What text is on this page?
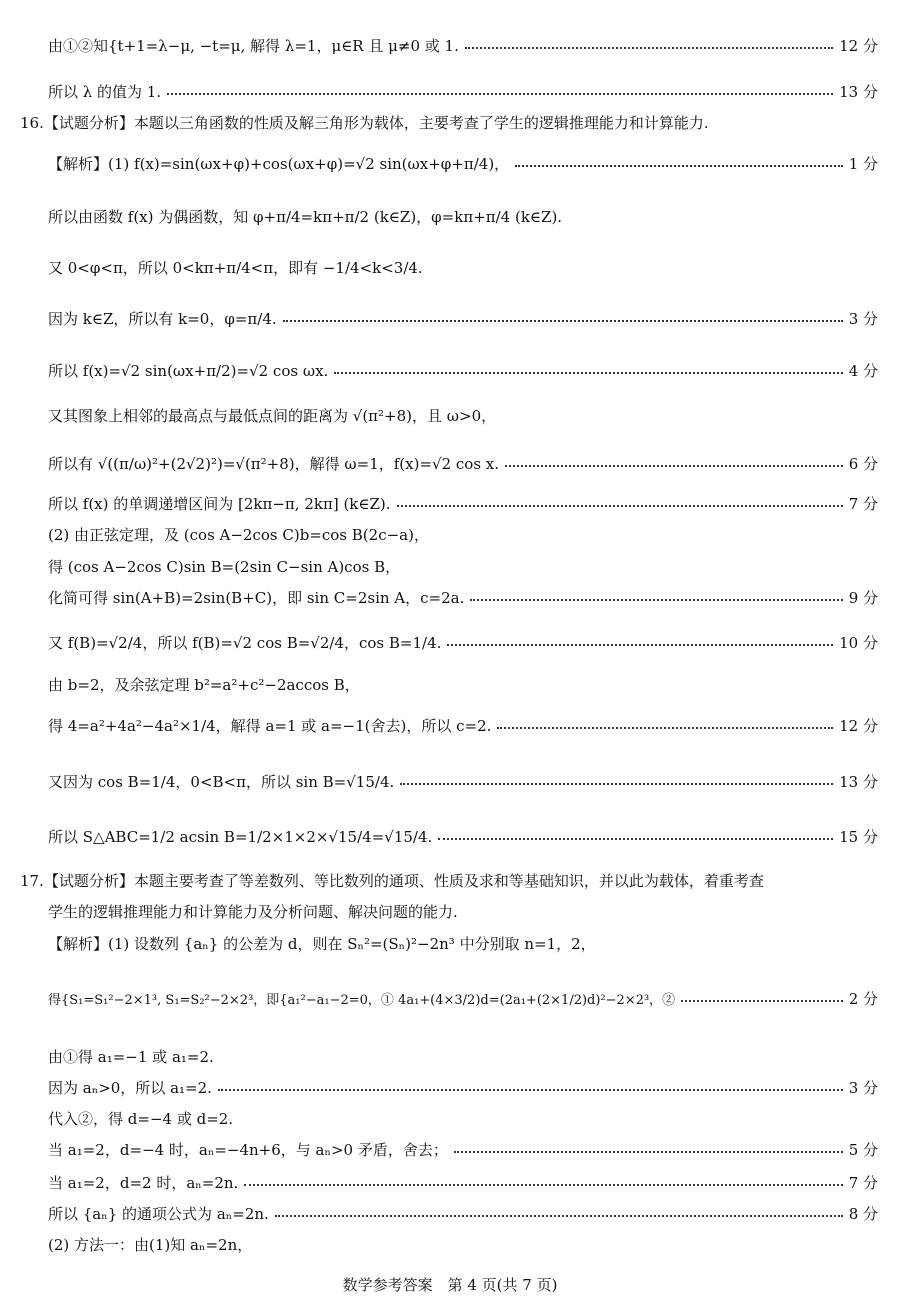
由①②知{t+1=λ−μ, −t=μ, 解得 λ=1，μ∈R 且 μ≠0 或 1.	12 分
所以 λ 的值为 1.	13 分
16.【试题分析】本题以三角函数的性质及解三角形为载体，主要考查了学生的逻辑推理能力和计算能力.
【解析】(1) f(x)=sin(ωx+φ)+cos(ωx+φ)=√2 sin(ωx+φ+π/4)，	1 分
所以由函数 f(x) 为偶函数，知 φ+π/4=kπ+π/2 (k∈Z)，φ=kπ+π/4 (k∈Z).
又 0<φ<π，所以 0<kπ+π/4<π，即有 −1/4<k<3/4.
因为 k∈Z，所以有 k=0，φ=π/4.	3 分
所以 f(x)=√2 sin(ωx+π/2)=√2 cos ωx.	4 分
又其图象上相邻的最高点与最低点间的距离为 √(π²+8)，且 ω>0，
所以有 √((π/ω)²+(2√2)²)=√(π²+8)，解得 ω=1，f(x)=√2 cos x.	6 分
所以 f(x) 的单调递增区间为 [2kπ−π, 2kπ] (k∈Z).	7 分
(2) 由正弦定理，及 (cos A−2cos C)b=cos B(2c−a)，
得 (cos A−2cos C)sin B=(2sin C−sin A)cos B，
化简可得 sin(A+B)=2sin(B+C)，即 sin C=2sin A，c=2a.	9 分
又 f(B)=√2/4，所以 f(B)=√2 cos B=√2/4，cos B=1/4.	10 分
由 b=2，及余弦定理 b²=a²+c²−2accos B，
得 4=a²+4a²−4a²×1/4，解得 a=1 或 a=−1(舍去)，所以 c=2.	12 分
又因为 cos B=1/4，0<B<π，所以 sin B=√15/4.	13 分
所以 S△ABC=1/2 acsin B=1/2×1×2×√15/4=√15/4.	15 分
17.【试题分析】本题主要考查了等差数列、等比数列的通项、性质及求和等基础知识，并以此为载体，着重考查
学生的逻辑推理能力和计算能力及分析问题、解决问题的能力.
【解析】(1) 设数列 {aₙ} 的公差为 d，则在 Sₙ²=(Sₙ)²−2n³ 中分别取 n=1，2，
得{S₁=S₁²−2×1³, S₁=S₂²−2×2³，即{a₁²−a₁−2=0，① 4a₁+(4×3/2)d=(2a₁+(2×1/2)d)²−2×2³，②	2 分
由①得 a₁=−1 或 a₁=2.
因为 aₙ>0，所以 a₁=2.	3 分
代入②，得 d=−4 或 d=2.
当 a₁=2，d=−4 时，aₙ=−4n+6，与 aₙ>0 矛盾，舍去；	5 分
当 a₁=2，d=2 时，aₙ=2n.	7 分
所以 {aₙ} 的通项公式为 aₙ=2n.	8 分
(2) 方法一：由(1)知 aₙ=2n，
数学参考答案　第 4 页(共 7 页)
